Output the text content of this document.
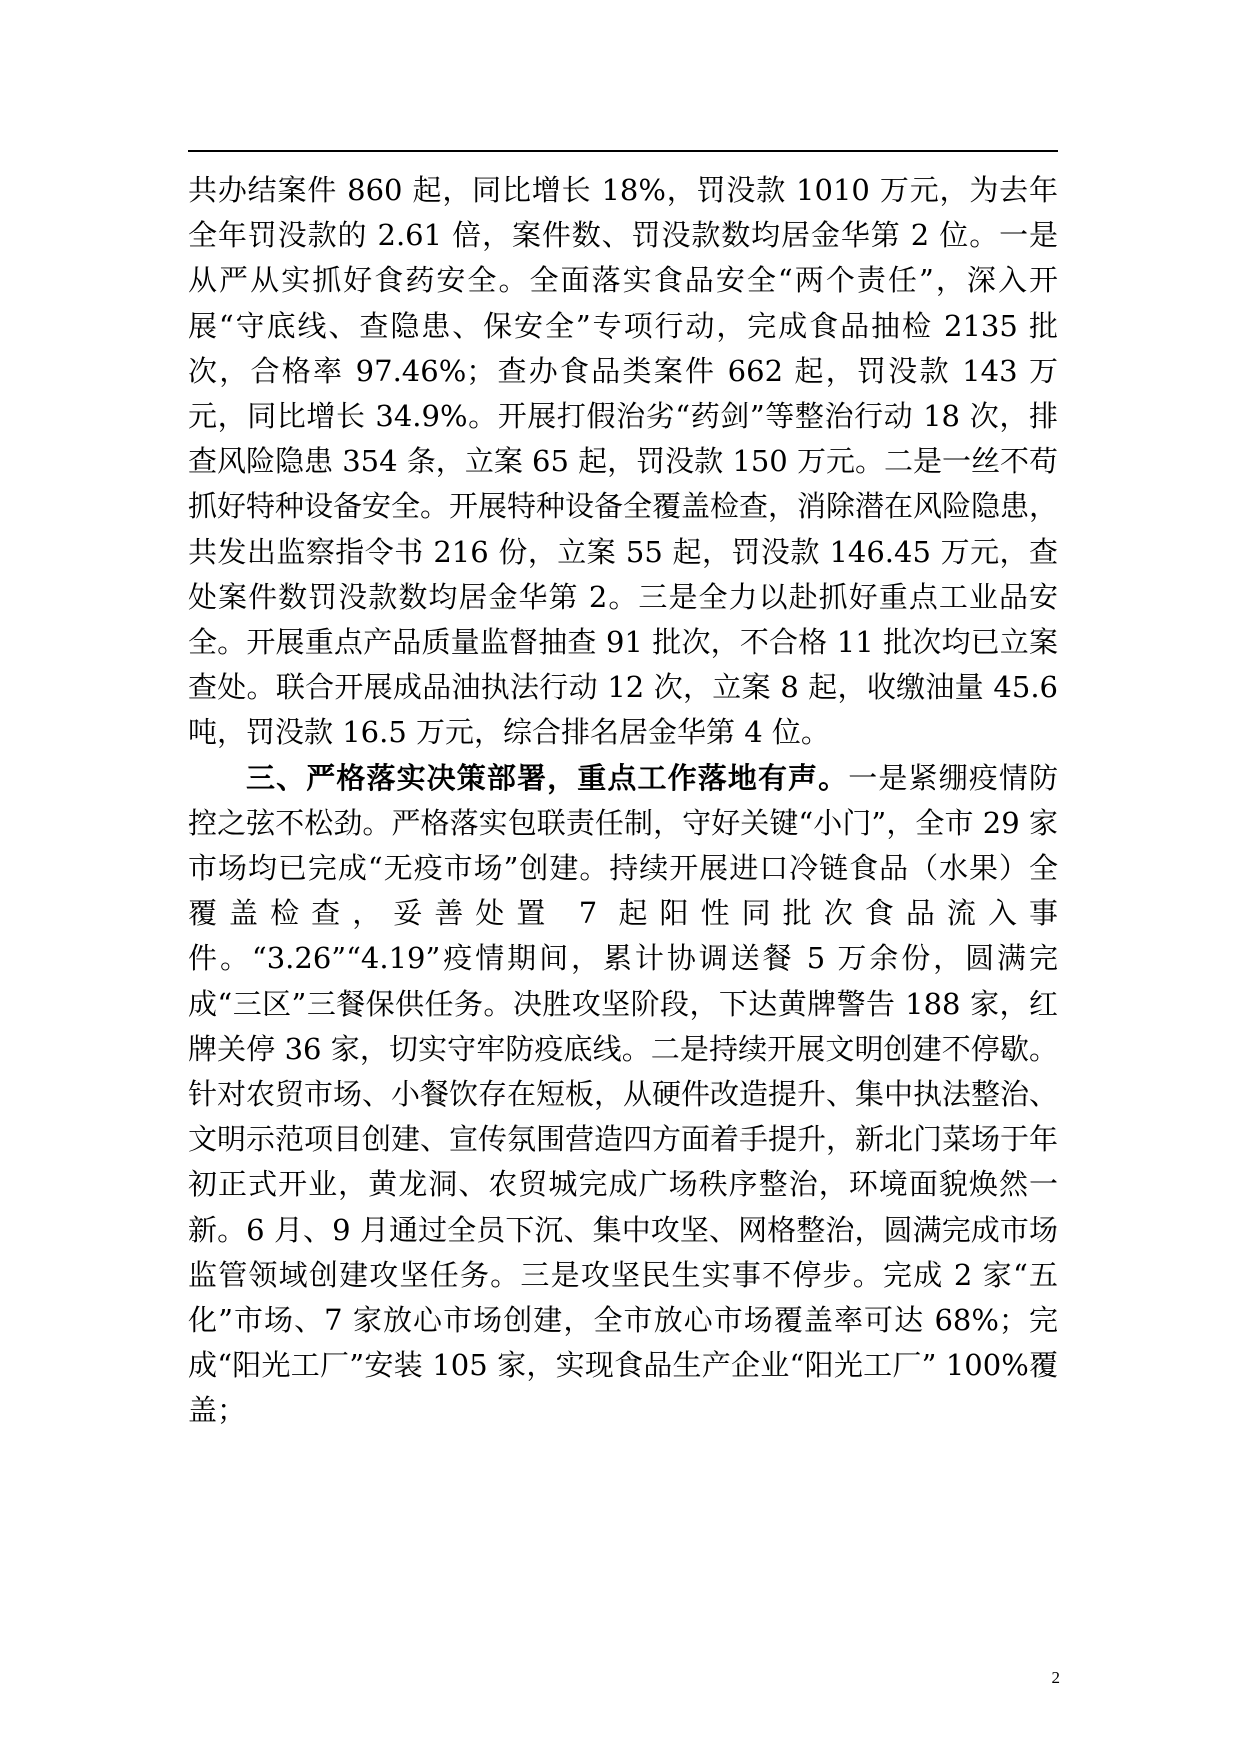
共办结案件 860 起，同比增长 18%，罚没款 1010 万元，为去年全年罚没款的 2.61 倍，案件数、罚没款数均居金华第 2 位。一是从严从实抓好食药安全。全面落实食品安全“两个责任”，深入开展“守底线、查隐患、保安全”专项行动，完成食品抽检 2135 批次，合格率 97.46%；查办食品类案件 662 起，罚没款 143 万元，同比增长 34.9%。开展打假治劣“药剑”等整治行动 18 次，排查风险隐患 354 条，立案 65 起，罚没款 150 万元。二是一丝不苟抓好特种设备安全。开展特种设备全覆盖检查，消除潜在风险隐患，共发出监察指令书 216 份，立案 55 起，罚没款 146.45 万元，查处案件数罚没款数均居金华第 2。三是全力以赴抓好重点工业品安全。开展重点产品质量监督抽查 91 批次，不合格 11 批次均已立案查处。联合开展成品油执法行动 12 次，立案 8 起，收缴油量 45.6 吨，罚没款 16.5 万元，综合排名居金华第 4 位。

三、严格落实决策部署，重点工作落地有声。一是紧绷疫情防控之弦不松劲。严格落实包联责任制，守好关键“小门”，全市 29 家市场均已完成“无疫市场”创建。持续开展进口冷链食品（水果）全覆盖检查，妥善处置 7 起阳性同批次食品流入事件。“3.26”“4.19”疫情期间，累计协调送餐 5 万余份，圆满完成“三区”三餐保供任务。决胜攻坚阶段，下达黄牌警告 188 家，红牌关停 36 家，切实守牢防疫底线。二是持续开展文明创建不停歇。针对农贸市场、小餐饮存在短板，从硬件改造提升、集中执法整治、文明示范项目创建、宣传氛围营造四方面着手提升，新北门菜场于年初正式开业，黄龙洞、农贸城完成广场秩序整治，环境面貌焕然一新。6 月、9 月通过全员下沉、集中攻坚、网格整治，圆满完成市场监管领域创建攻坚任务。三是攻坚民生实事不停步。完成 2 家“五化”市场、7 家放心市场创建，全市放心市场覆盖率可达 68%；完成“阳光工厂”安装 105 家，实现食品生产企业“阳光工厂” 100%覆盖；

2
